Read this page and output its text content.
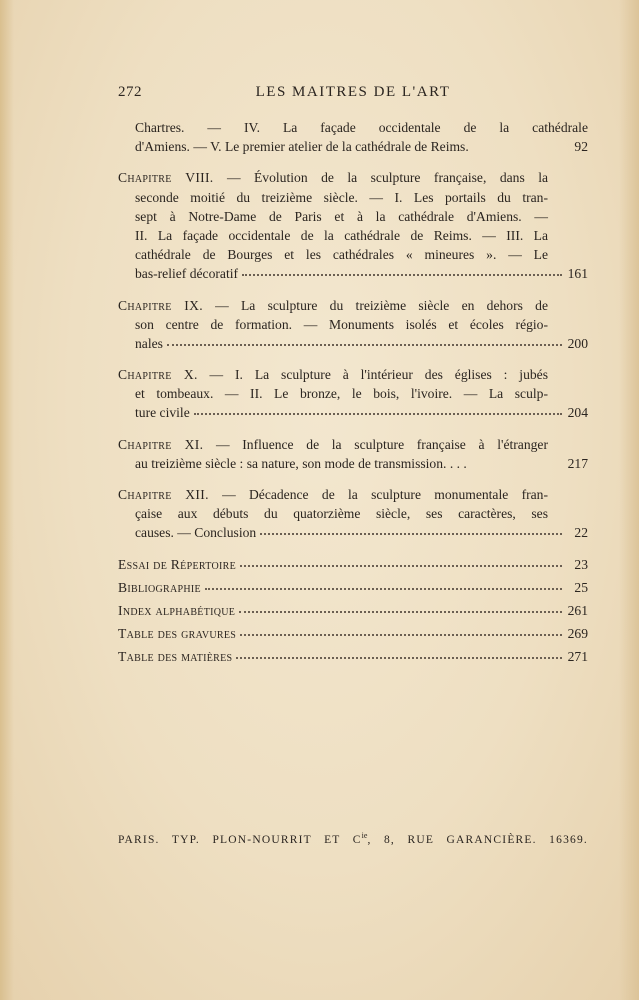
272	LES MAITRES DE L'ART
Chartres. — IV. La façade occidentale de la cathédrale
d'Amiens. — V. Le premier atelier de la cathédrale de Reims.	92
Chapitre VIII. — Évolution de la sculpture française, dans la
seconde moitié du treizième siècle. — I. Les portails du tran-
sept à Notre-Dame de Paris et à la cathédrale d'Amiens. —
II. La façade occidentale de la cathédrale de Reims. — III. La
cathédrale de Bourges et les cathédrales « mineures ». — Le
bas-relief décoratif	161
Chapitre IX. — La sculpture du treizième siècle en dehors de
son centre de formation. — Monuments isolés et écoles régio-
nales	200
Chapitre X. — I. La sculpture à l'intérieur des églises : jubés
et tombeaux. — II. Le bronze, le bois, l'ivoire. — La sculp-
ture civile	204
Chapitre XI. — Influence de la sculpture française à l'étranger
au treizième siècle : sa nature, son mode de transmission. . . .	217
Chapitre XII. — Décadence de la sculpture monumentale fran-
çaise aux débuts du quatorzième siècle, ses caractères, ses
causes. — Conclusion	22
Essai de Répertoire	23
Bibliographie	25
Index alphabétique	261
Table des gravures	269
Table des matières	271
PARIS. TYP. PLON-NOURRIT ET $C^{ie}$, 8, RUE GARANCIÈRE. 16369.
